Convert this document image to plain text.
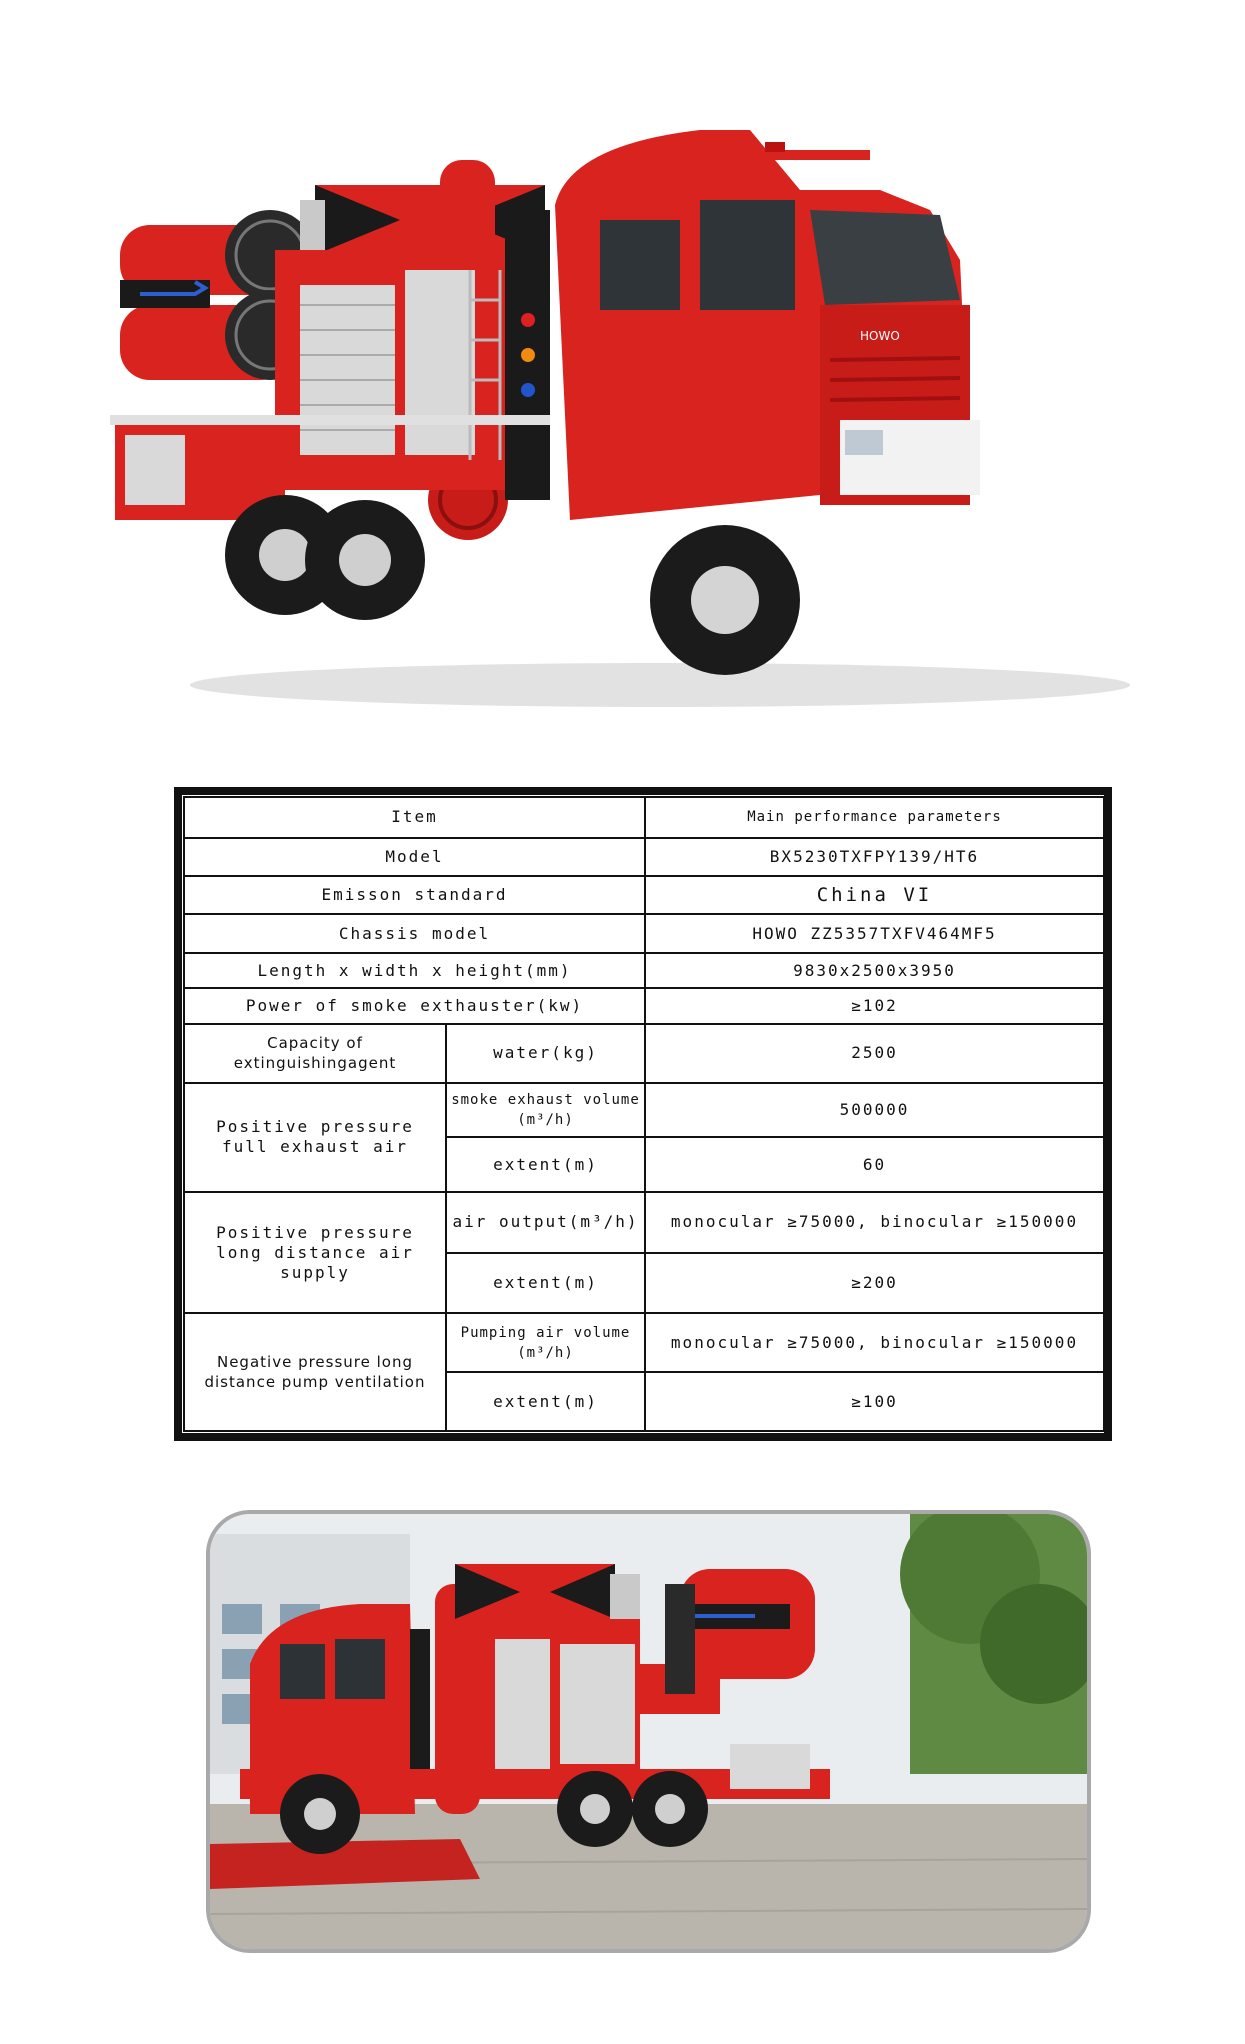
HOWO
Item		Main performance parameters
Model		BX5230TXFPY139/HT6
Emisson standard		China VI
Chassis model		HOWO ZZ5357TXFV464MF5
Length x width x height(mm)		9830x2500x3950
Power of smoke exthauster(kw)		≥102
Capacity of extinguishingagent	water(kg)	2500
Positive pressure full exhaust air	smoke exhaust volume (m³/h)	500000
	extent(m)	60
Positive pressure long distance air supply	air output(m³/h)	monocular ≥75000, binocular ≥150000
	extent(m)	≥200
Negative pressure long distance pump ventilation	Pumping air volume (m³/h)	monocular ≥75000, binocular ≥150000
	extent(m)	≥100
